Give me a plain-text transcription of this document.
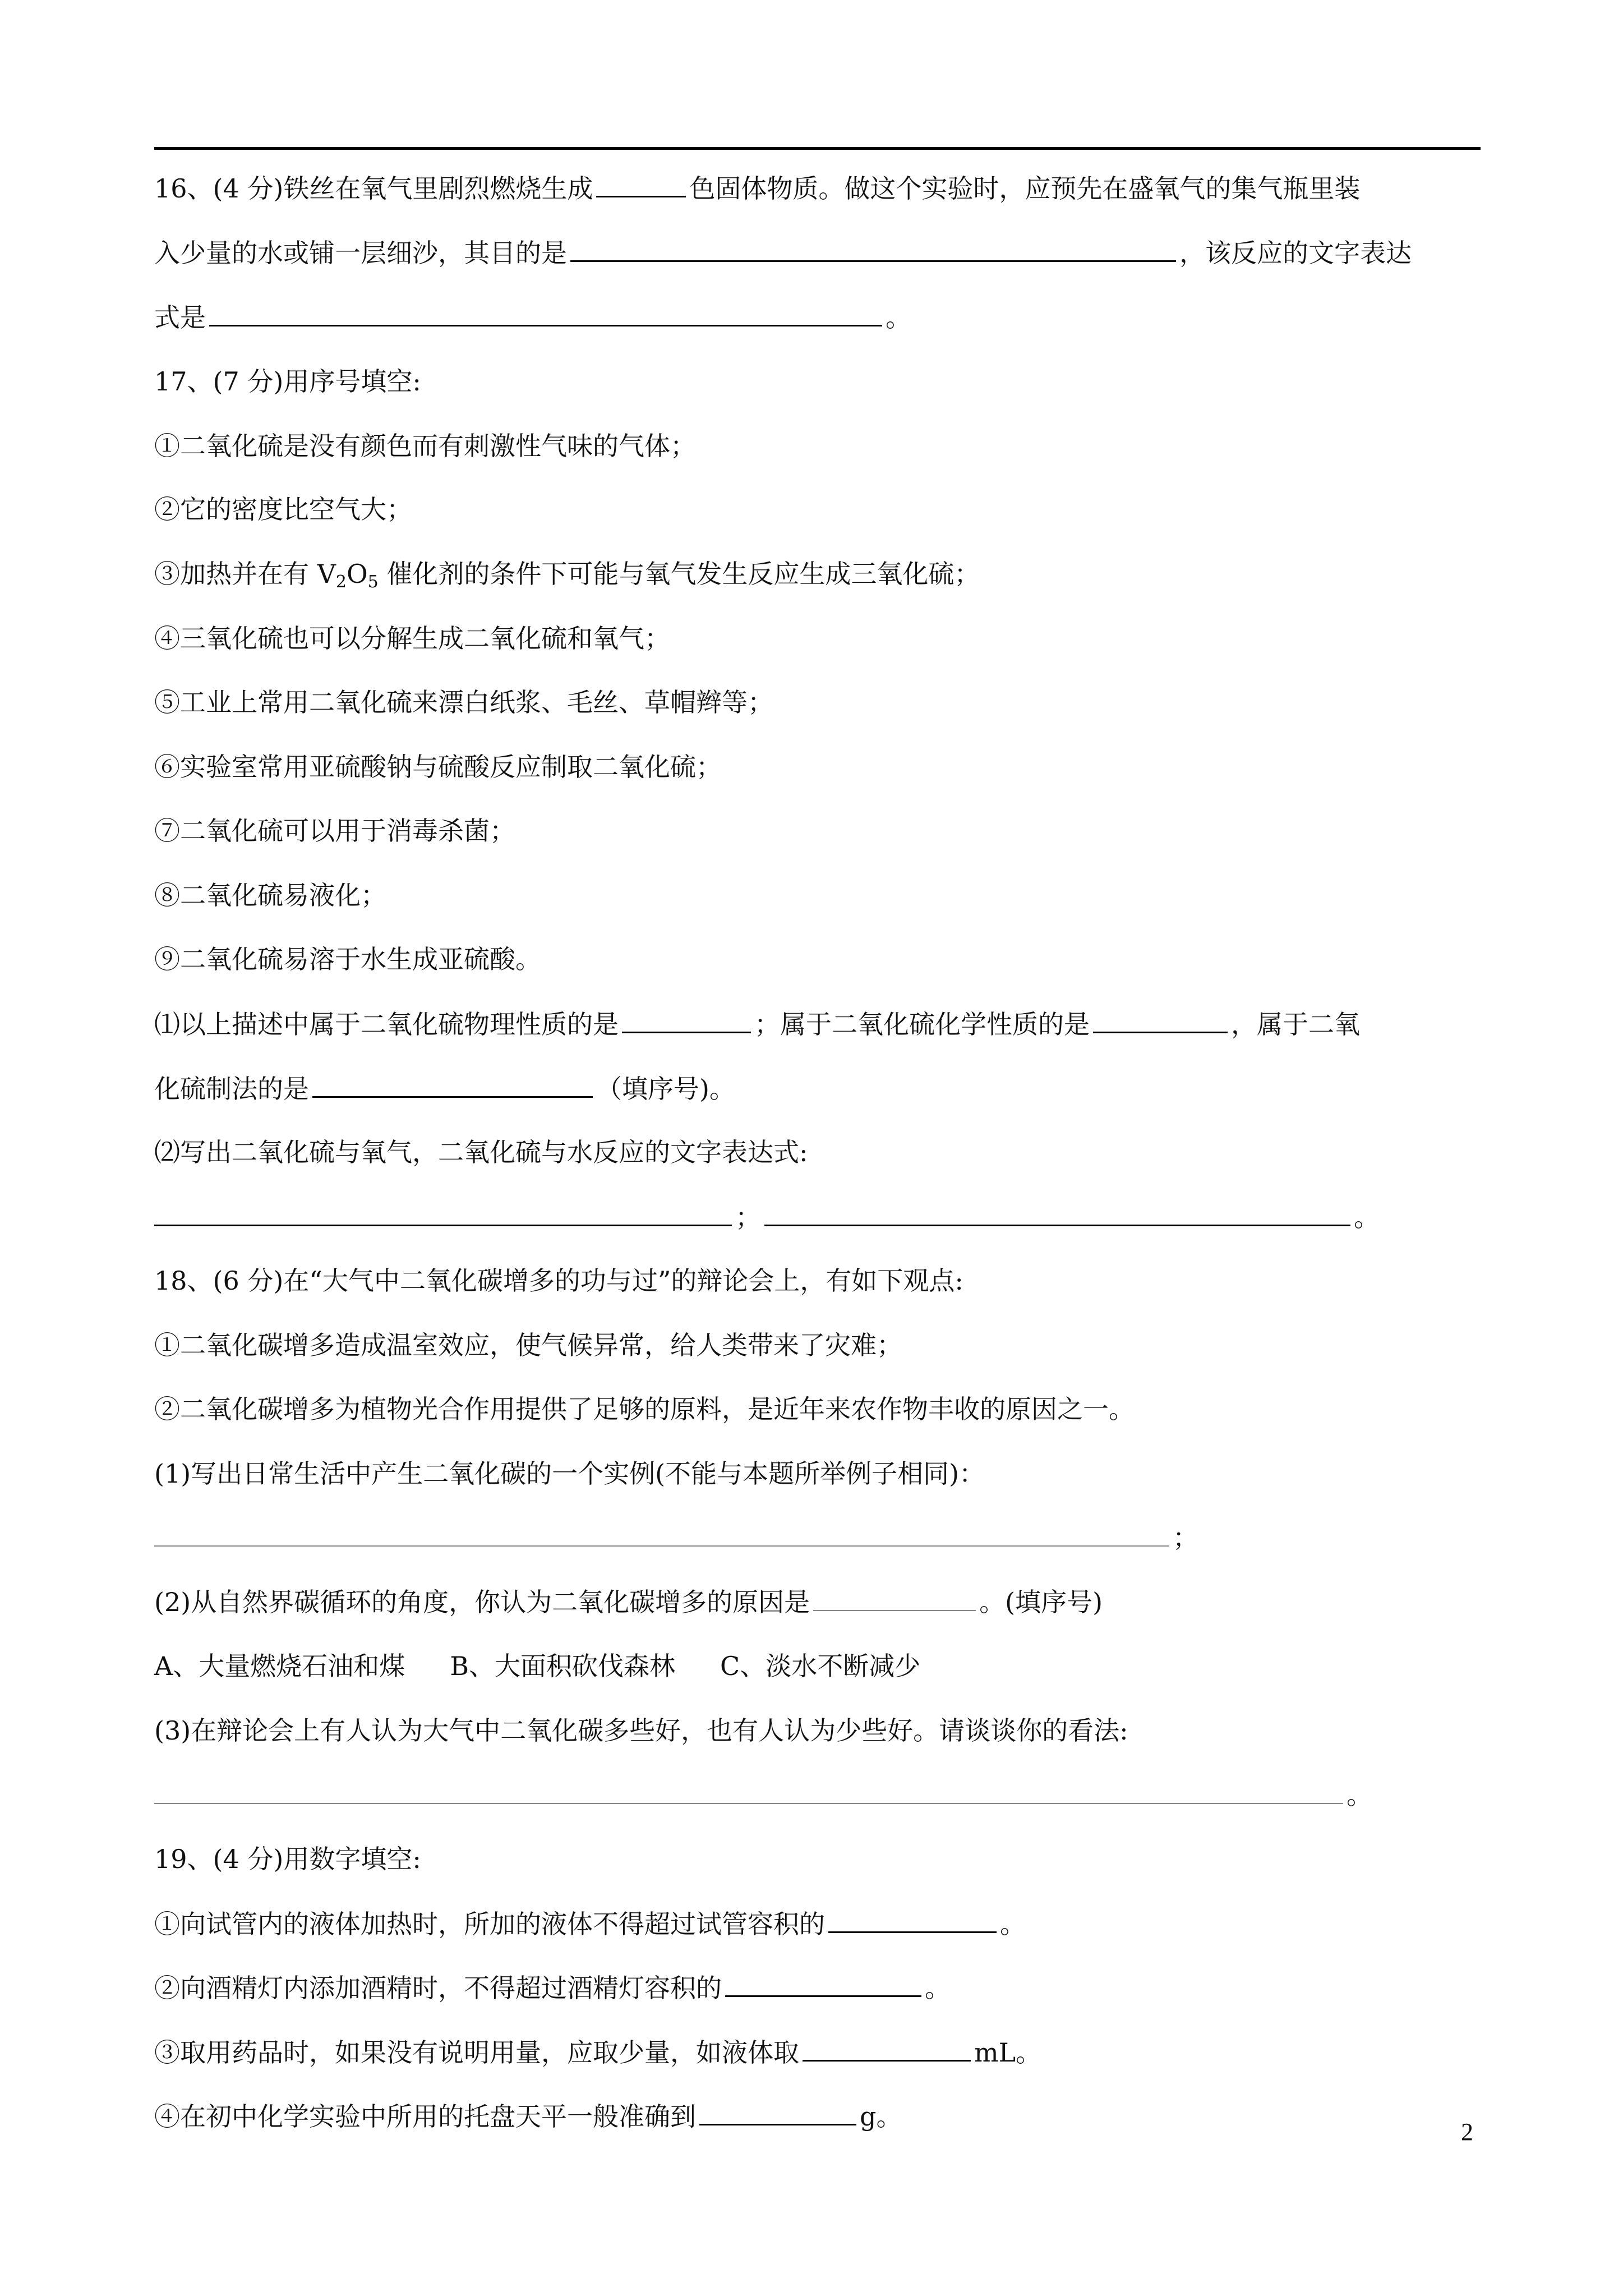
16、(4 分)铁丝在氧气里剧烈燃烧生成	色固体物质。做这个实验时，应预先在盛氧气的集气瓶里装
入少量的水或铺一层细沙，其目的是	，该反应的文字表达
式是	。
17、(7 分)用序号填空:
①二氧化硫是没有颜色而有刺激性气味的气体；
②它的密度比空气大；
③加热并在有 $V_2O_5$ 催化剂的条件下可能与氧气发生反应生成三氧化硫；
④三氧化硫也可以分解生成二氧化硫和氧气；
⑤工业上常用二氧化硫来漂白纸浆、毛丝、草帽辫等；
⑥实验室常用亚硫酸钠与硫酸反应制取二氧化硫；
⑦二氧化硫可以用于消毒杀菌；
⑧二氧化硫易液化；
⑨二氧化硫易溶于水生成亚硫酸。
⑴以上描述中属于二氧化硫物理性质的是	；属于二氧化硫化学性质的是	，属于二氧
化硫制法的是	（填序号)。
⑵写出二氧化硫与氧气，二氧化硫与水反应的文字表达式:
；	。
18、(6 分)在“大气中二氧化碳增多的功与过”的辩论会上，有如下观点:
①二氧化碳增多造成温室效应，使气候异常，给人类带来了灾难；
②二氧化碳增多为植物光合作用提供了足够的原料，是近年来农作物丰收的原因之一。
(1)写出日常生活中产生二氧化碳的一个实例(不能与本题所举例子相同)：
；
(2)从自然界碳循环的角度，你认为二氧化碳增多的原因是	。(填序号)
A、大量燃烧石油和煤 B、大面积砍伐森林 C、淡水不断减少
(3)在辩论会上有人认为大气中二氧化碳多些好，也有人认为少些好。请谈谈你的看法:
。
19、(4 分)用数字填空:
①向试管内的液体加热时，所加的液体不得超过试管容积的	。
②向酒精灯内添加酒精时，不得超过酒精灯容积的	。
③取用药品时，如果没有说明用量，应取少量，如液体取	mL。
④在初中化学实验中所用的托盘天平一般准确到	g。
2
